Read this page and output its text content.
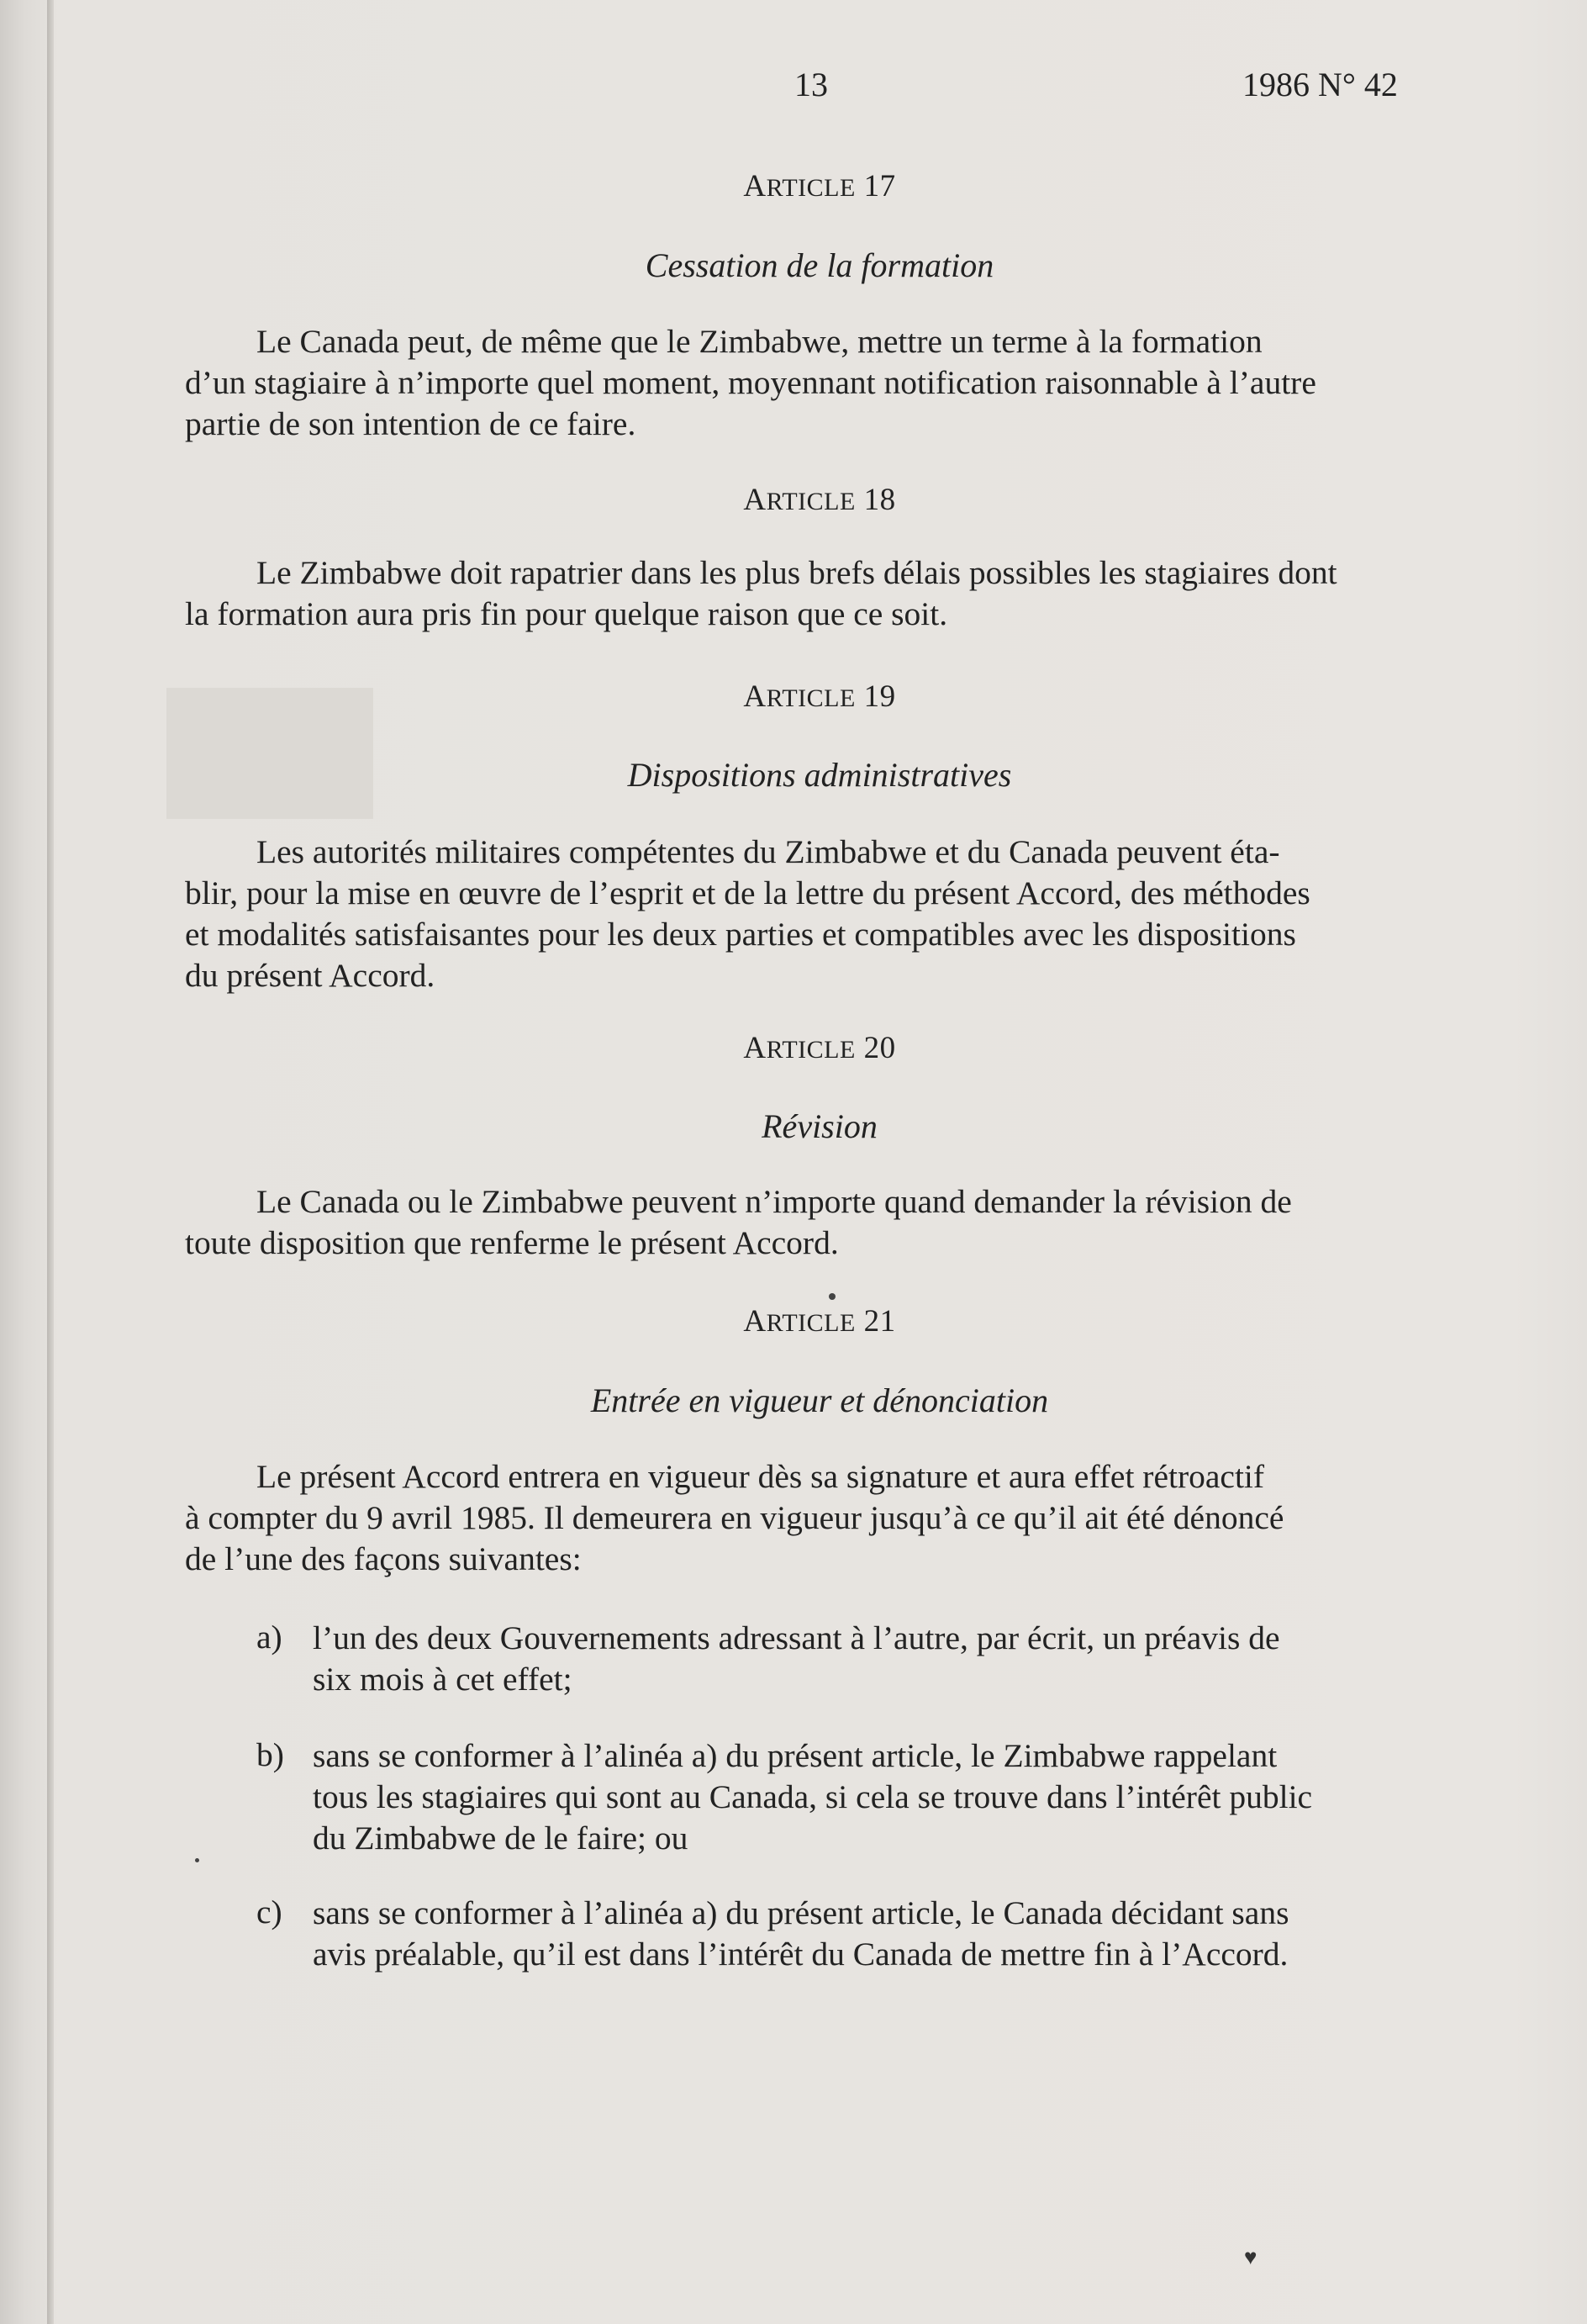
13	1986 N° 42
ARTICLE 17
Cessation de la formation

Le Canada peut, de même que le Zimbabwe, mettre un terme à la formation

d’un stagiaire à n’importe quel moment, moyennant notification raisonnable à l’autre

partie de son intention de ce faire.

ARTICLE 18

Le Zimbabwe doit rapatrier dans les plus brefs délais possibles les stagiaires dont

la formation aura pris fin pour quelque raison que ce soit.

ARTICLE 19
Dispositions administratives

Les autorités militaires compétentes du Zimbabwe et du Canada peuvent éta-

blir, pour la mise en œuvre de l’esprit et de la lettre du présent Accord, des méthodes

et modalités satisfaisantes pour les deux parties et compatibles avec les dispositions

du présent Accord.

ARTICLE 20
Révision

Le Canada ou le Zimbabwe peuvent n’importe quand demander la révision de

toute disposition que renferme le présent Accord.

ARTICLE 21
Entrée en vigueur et dénonciation

Le présent Accord entrera en vigueur dès sa signature et aura effet rétroactif

à compter du 9 avril 1985. Il demeurera en vigueur jusqu’à ce qu’il ait été dénoncé

de l’une des façons suivantes:

a) l’un des deux Gouvernements adressant à l’autre, par écrit, un préavis de
six mois à cet effet;
b) sans se conformer à l’alinéa a) du présent article, le Zimbabwe rappelant
tous les stagiaires qui sont au Canada, si cela se trouve dans l’intérêt public
du Zimbabwe de le faire; ou
c) sans se conformer à l’alinéa a) du présent article, le Canada décidant sans
avis préalable, qu’il est dans l’intérêt du Canada de mettre fin à l’Accord.
♥
